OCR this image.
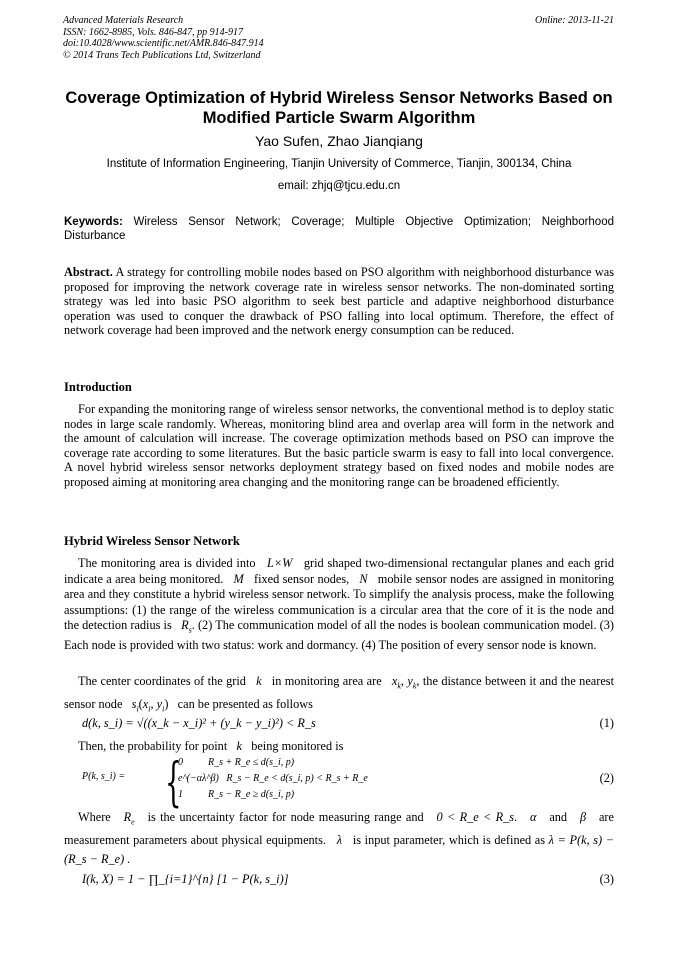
Advanced Materials Research
ISSN: 1662-8985, Vols. 846-847, pp 914-917
doi:10.4028/www.scientific.net/AMR.846-847.914
© 2014 Trans Tech Publications Ltd, Switzerland
Online: 2013-11-21
Coverage Optimization of Hybrid Wireless Sensor Networks Based on Modified Particle Swarm Algorithm
Yao Sufen, Zhao Jianqiang
Institute of Information Engineering, Tianjin University of Commerce, Tianjin, 300134, China
email: zhjq@tjcu.edu.cn
Keywords: Wireless Sensor Network; Coverage; Multiple Objective Optimization; Neighborhood Disturbance
Abstract. A strategy for controlling mobile nodes based on PSO algorithm with neighborhood disturbance was proposed for improving the network coverage rate in wireless sensor networks. The non-dominated sorting strategy was led into basic PSO algorithm to seek best particle and adaptive neighborhood disturbance operation was used to conquer the drawback of PSO falling into local optimum. Therefore, the effect of network coverage had been improved and the network energy consumption can be reduced.
Introduction
For expanding the monitoring range of wireless sensor networks, the conventional method is to deploy static nodes in large scale randomly. Whereas, monitoring blind area and overlap area will form in the network and the amount of calculation will increase. The coverage optimization methods based on PSO can improve the coverage rate according to some literatures. But the basic particle swarm is easy to fall into local convergence. A novel hybrid wireless sensor networks deployment strategy based on fixed nodes and mobile nodes are proposed aiming at monitoring area changing and the monitoring range can be broadened efficiently.
Hybrid Wireless Sensor Network
The monitoring area is divided into L×W grid shaped two-dimensional rectangular planes and each grid indicate a area being monitored. M fixed sensor nodes, N mobile sensor nodes are assigned in monitoring area and they constitute a hybrid wireless sensor network. To simplify the analysis process, make the following assumptions: (1) the range of the wireless communication is a circular area that the core of it is the node and the detection radius is $R_s$. (2) The communication model of all the nodes is boolean communication model. (3) Each node is provided with two status: work and dormancy. (4) The position of every sensor node is known.
The center coordinates of the grid k in monitoring area are $x_k$, $y_k$, the distance between it and the nearest sensor node $s_i(x_i$, $y_i$)   can be presented as follows
d(k, s_i) = √((x_k − x_i)² + (y_k − y_i)²) < R_s	(1)
Then, the probability for point k being monitored is
P(k, s_i) = {
0          R_s + R_e ≤ d(s_i, p)
e^(−αλ^β)   R_s − R_e < d(s_i, p) < R_s + R_e
1          R_s − R_e ≥ d(s_i, p)
(2)
Where $R_e$ is the uncertainty factor for node measuring range and 0 < R_e < R_s. α and β are measurement parameters about physical equipments. λ is input parameter, which is defined as λ = P(k, s) − (R_s − R_e) .
I(k, X) = 1 − ∏_{i=1}^{n} [1 − P(k, s_i)]	(3)
